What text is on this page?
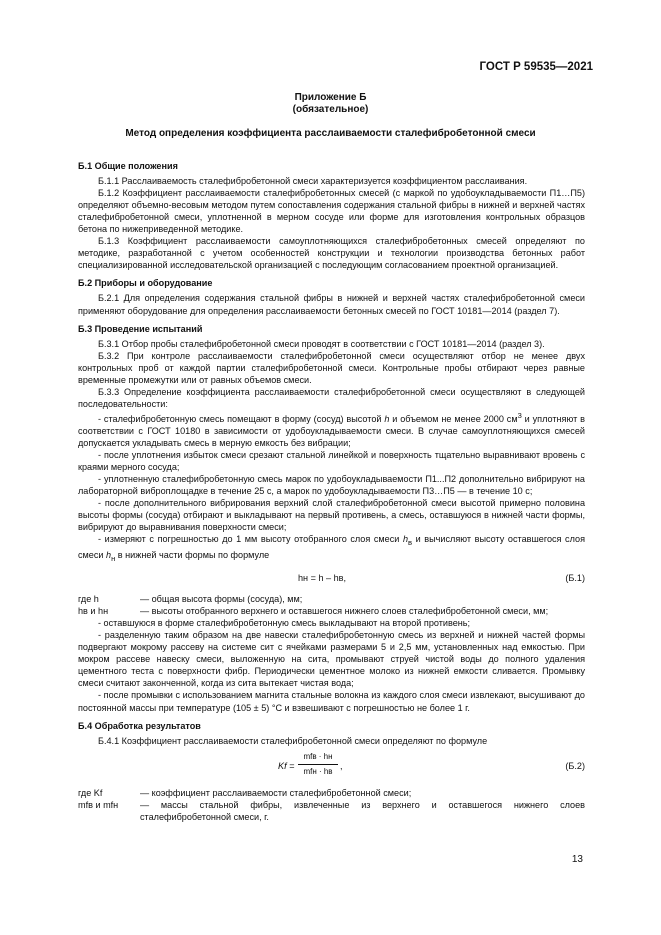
ГОСТ Р 59535—2021
Приложение Б
(обязательное)
Метод определения коэффициента расслаиваемости сталефибробетонной смеси
Б.1 Общие положения

Б.1.1 Расслаиваемость сталефибробетонной смеси характеризуется коэффициентом расслаивания.

Б.1.2 Коэффициент расслаиваемости сталефибробетонных смесей (с маркой по удобоукладываемости П1…П5) определяют объемно-весовым методом путем сопоставления содержания стальной фибры в нижней и верхней частях сталефибробетонной смеси, уплотненной в мерном сосуде или форме для изготовления контрольных образцов бетона по нижеприведенной методике.

Б.1.3 Коэффициент расслаиваемости самоуплотняющихся сталефибробетонных смесей определяют по методике, разработанной с учетом особенностей конструкции и технологии производства бетонных работ специализированной исследовательской организацией с последующим согласованием проектной организацией.

Б.2 Приборы и оборудование

Б.2.1 Для определения содержания стальной фибры в нижней и верхней частях сталефибробетонной смеси применяют оборудование для определения расслаиваемости бетонных смесей по ГОСТ 10181—2014 (раздел 7).

Б.3 Проведение испытаний

Б.3.1 Отбор пробы сталефибробетонной смеси проводят в соответствии с ГОСТ 10181—2014 (раздел 3).

Б.3.2 При контроле расслаиваемости сталефибробетонной смеси осуществляют отбор не менее двух контрольных проб от каждой партии сталефибробетонной смеси. Контрольные пробы отбирают через равные временные промежутки или от равных объемов смеси.

Б.3.3 Определение коэффициента расслаиваемости сталефибробетонной смеси осуществляют в следующей последовательности:

- сталефибробетонную смесь помещают в форму (сосуд) высотой h и объемом не менее 2000 $см^3$ и уплотняют в соответствии с ГОСТ 10180 в зависимости от удобоукладываемости смеси. В случае самоуплотняющихся смесей допускается укладывать смесь в мерную емкость без вибрации;

- после уплотнения избыток смеси срезают стальной линейкой и поверхность тщательно выравнивают вровень с краями мерного сосуда;

- уплотненную сталефибробетонную смесь марок по удобоукладываемости П1...П2 дополнительно вибрируют на лабораторной виброплощадке в течение 25 с, а марок по удобоукладываемости П3…П5 — в течение 10 с;

- после дополнительного вибрирования верхний слой сталефибробетонной смеси высотой примерно половина высоты формы (сосуда) отбирают и выкладывают на первый противень, а смесь, оставшуюся в нижней части формы, вибрируют до выравнивания поверхности смеси;

- измеряют с погрешностью до 1 мм высоту отобранного слоя смеси $h_в$ и вычисляют высоту оставшегося слоя смеси $h_н$ в нижней части формы по формуле

hн = h – hв,	(Б.1)
где h	— общая высота формы (сосуда), мм;
hв и hн	— высоты отобранного верхнего и оставшегося нижнего слоев сталефибробетонной смеси, мм;

- оставшуюся в форме сталефибробетонную смесь выкладывают на второй противень;

- разделенную таким образом на две навески сталефибробетонную смесь из верхней и нижней частей формы подвергают мокрому рассеву на системе сит с ячейками размерами 5 и 2,5 мм, установленных над емкостью. При мокром рассеве навеску смеси, выложенную на сита, промывают струей чистой воды до полного удаления цементного теста с поверхности фибр. Периодически цементное молоко из нижней емкости сливается. Промывку смеси считают законченной, когда из сита вытекает чистая вода;

- после промывки с использованием магнита стальные волокна из каждого слоя смеси извлекают, высушивают до постоянной массы при температуре (105 ± 5) °С и взвешивают с погрешностью не более 1 г.

Б.4 Обработка результатов

Б.4.1 Коэффициент расслаиваемости сталефибробетонной смеси определяют по формуле

Kf =
mfв · hн
mfн · hв
,	(Б.2)
где Kf	— коэффициент расслаиваемости сталефибробетонной смеси;
mfв и mfн	— массы стальной фибры, извлеченные из верхнего и оставшегося нижнего слоев сталефибробетонной смеси, г.
13
